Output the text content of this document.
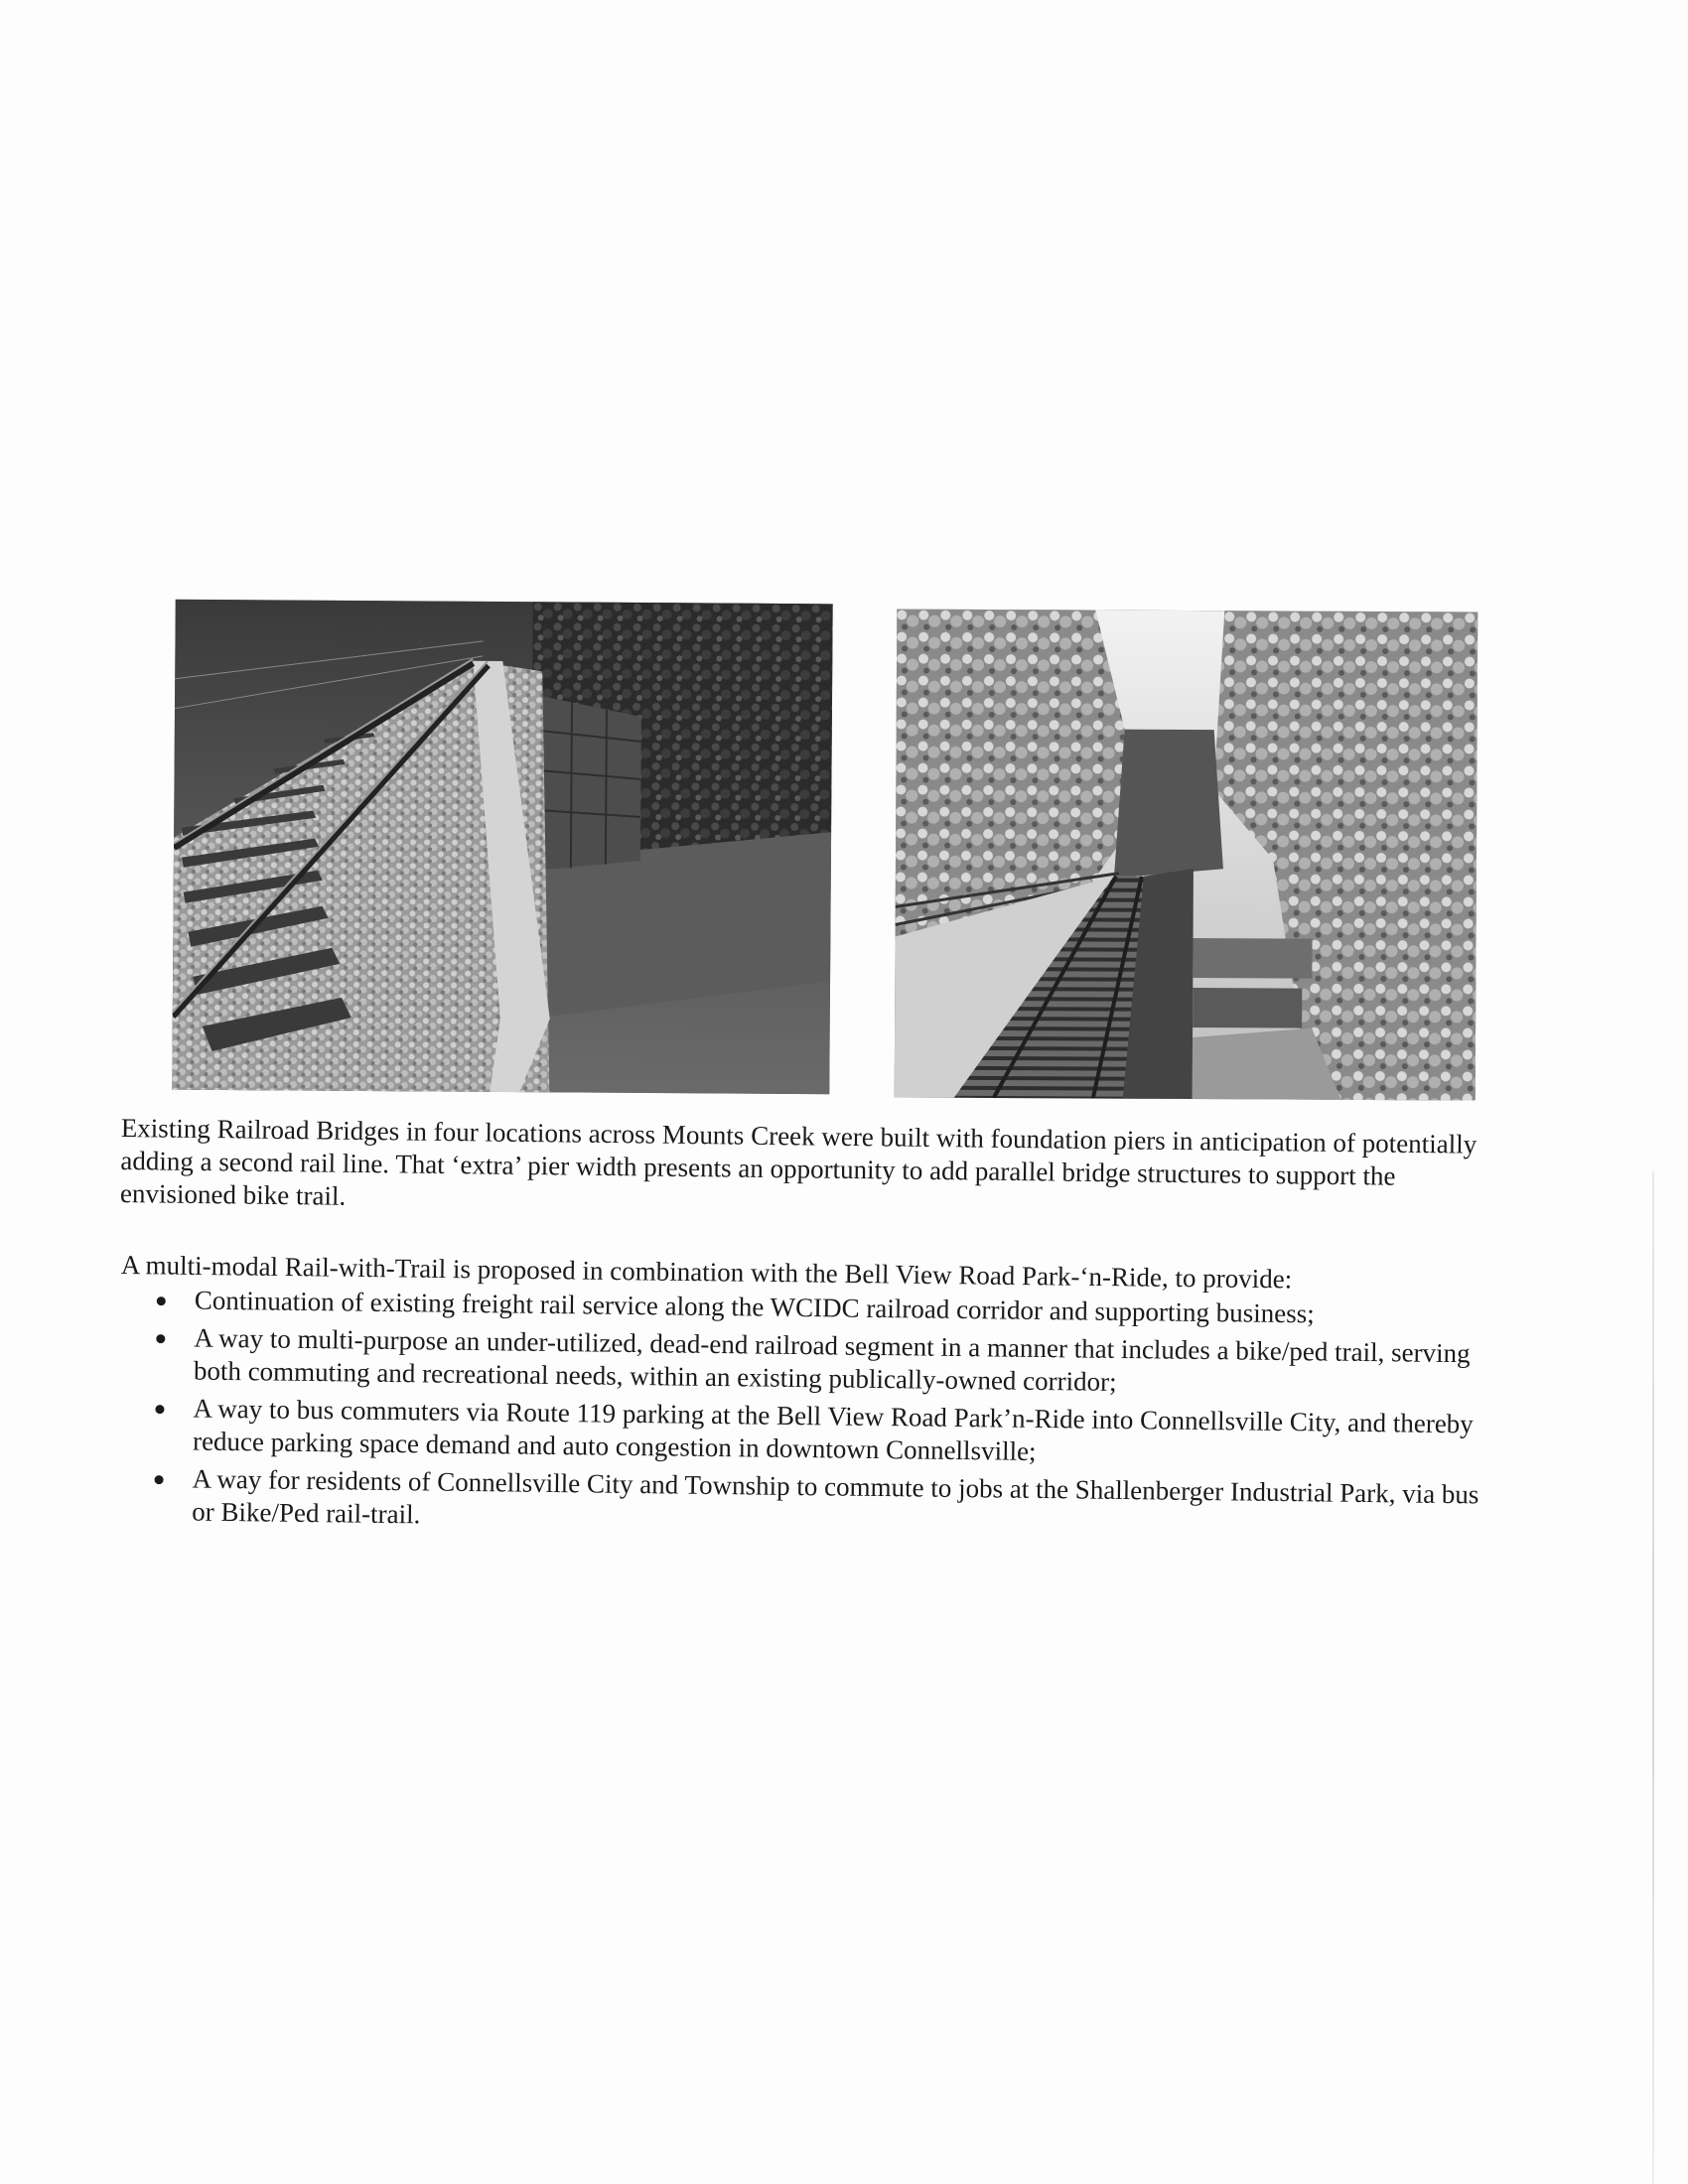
Existing Railroad Bridges in four locations across Mounts Creek were built with foundation piers in anticipation of potentially adding a second rail line. That ‘extra’ pier width presents an opportunity to add parallel bridge structures to support the envisioned bike trail.

A multi-modal Rail-with-Trail is proposed in combination with the Bell View Road Park-‘n-Ride, to provide:

Continuation of existing freight rail service along the WCIDC railroad corridor and supporting business;
A way to multi-purpose an under-utilized, dead-end railroad segment in a manner that includes a bike/ped trail, serving both commuting and recreational needs, within an existing publically-owned corridor;
A way to bus commuters via Route 119 parking at the Bell View Road Park’n-Ride into Connellsville City, and thereby reduce parking space demand and auto congestion in downtown Connellsville;
A way for residents of Connellsville City and Township to commute to jobs at the Shallenberger Industrial Park, via bus or Bike/Ped rail-trail.
